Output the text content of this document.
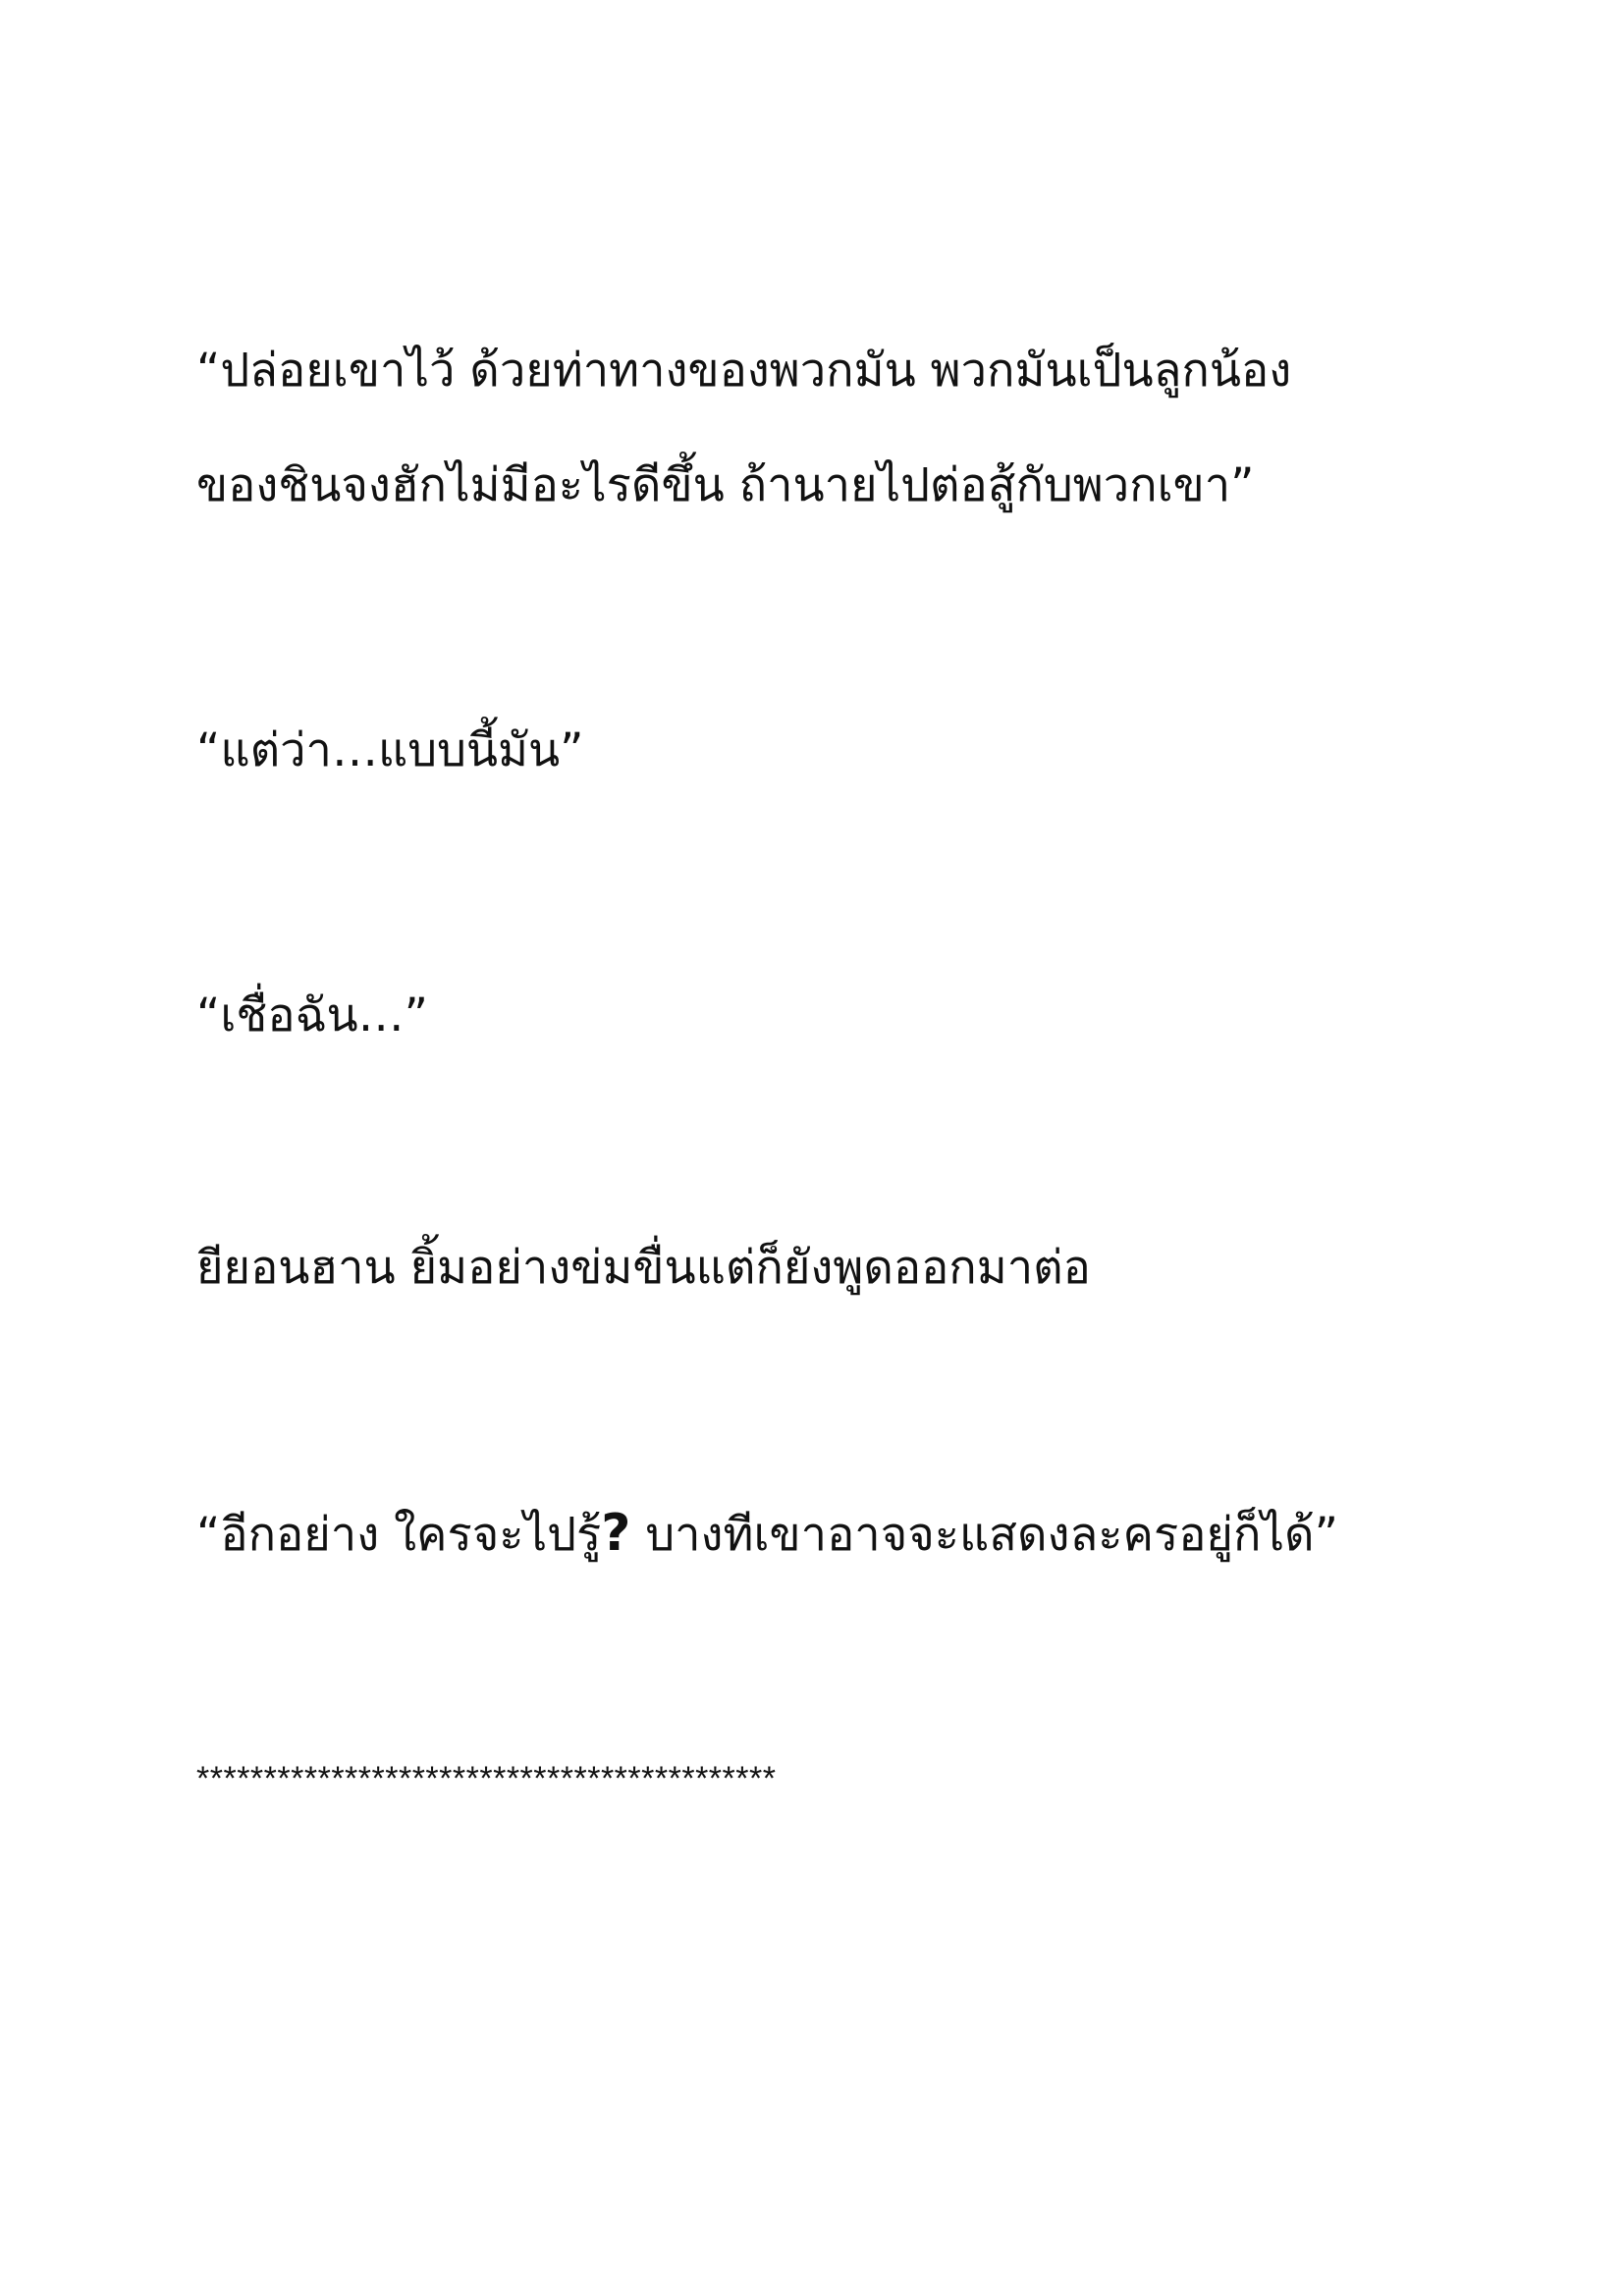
“ปล่อยเขาไว้ ด้วยท่าทางของพวกมัน พวกมันเป็นลูกน้อง

ของชินจงฮักไม่มีอะไรดีขึ้น ถ้านายไปต่อสู้กับพวกเขา”

“แต่ว่า…แบบนี้มัน”

“เชื่อฉัน…”

ยียอนฮาน ยิ้มอย่างข่มขื่นแต่ก็ยังพูดออกมาต่อ

“อีกอย่าง ใครจะไปรู้? บางทีเขาอาจจะแสดงละครอยู่ก็ได้”

*******************************************
